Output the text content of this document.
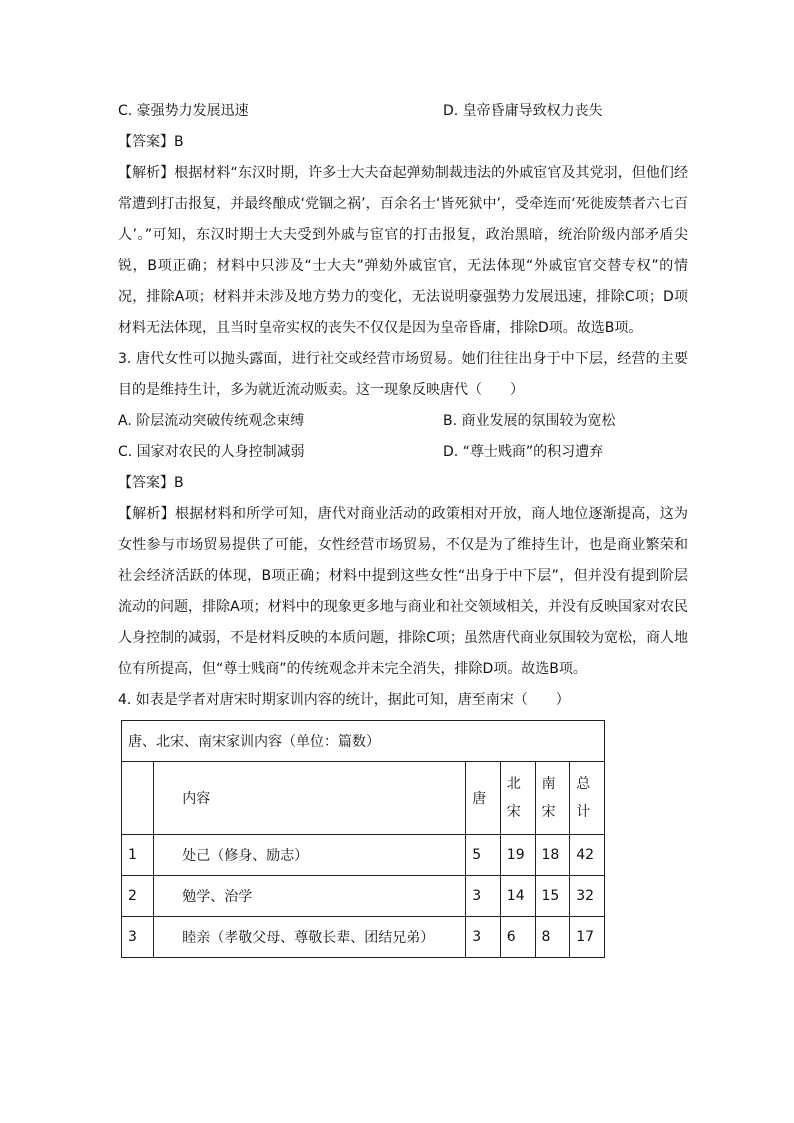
C. 豪强势力发展迅速	D. 皇帝昏庸导致权力丧失
【答案】B
【解析】根据材料“东汉时期，许多士大夫奋起弹劾制裁违法的外戚宦官及其党羽，但他们经常遭到打击报复，并最终酿成‘党锢之祸’，百余名士‘皆死狱中’，受牵连而‘死徙废禁者六七百人’。”可知，东汉时期士大夫受到外戚与宦官的打击报复，政治黑暗，统治阶级内部矛盾尖锐，B项正确；材料中只涉及“士大夫”弹劾外戚宦官，无法体现“外戚宦官交替专权”的情况，排除A项；材料并未涉及地方势力的变化，无法说明豪强势力发展迅速，排除C项；D项材料无法体现，且当时皇帝实权的丧失不仅仅是因为皇帝昏庸，排除D项。故选B项。
3. 唐代女性可以抛头露面，进行社交或经营市场贸易。她们往往出身于中下层，经营的主要目的是维持生计，多为就近流动贩卖。这一现象反映唐代（　　）
A. 阶层流动突破传统观念束缚	B. 商业发展的氛围较为宽松
C. 国家对农民的人身控制减弱	D. “尊士贱商”的积习遭弃
【答案】B
【解析】根据材料和所学可知，唐代对商业活动的政策相对开放，商人地位逐渐提高，这为女性参与市场贸易提供了可能，女性经营市场贸易，不仅是为了维持生计，也是商业繁荣和社会经济活跃的体现，B项正确；材料中提到这些女性“出身于中下层”，但并没有提到阶层流动的问题，排除A项；材料中的现象更多地与商业和社交领域相关，并没有反映国家对农民人身控制的减弱，不是材料反映的本质问题，排除C项；虽然唐代商业氛围较为宽松，商人地位有所提高，但“尊士贱商”的传统观念并未完全消失，排除D项。故选B项。
4. 如表是学者对唐宋时期家训内容的统计，据此可知，唐至南宋（　　）
唐、北宋、南宋家训内容（单位：篇数）					
	内容	唐	北宋	南宋	总计
1	处己（修身、励志）	5	19	18	42
2	勉学、治学	3	14	15	32
3	睦亲（孝敬父母、尊敬长辈、团结兄弟）	3	6	8	17
